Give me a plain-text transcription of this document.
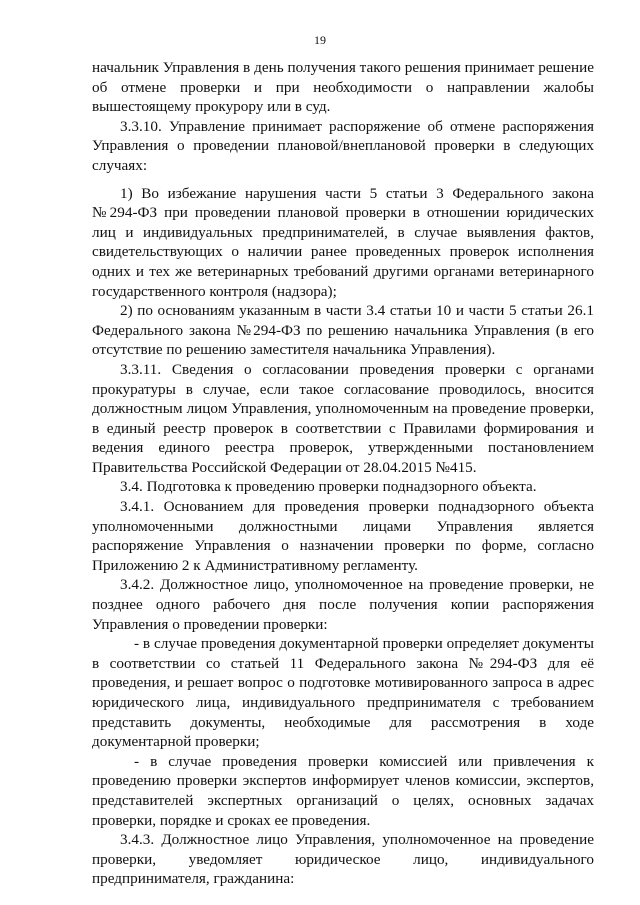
19

начальник Управления в день получения такого решения принимает решение об отмене проверки и при необходимости о направлении жалобы вышестоящему прокурору или в суд.

3.3.10. Управление принимает распоряжение об отмене распоряжения Управления о проведении плановой/внеплановой проверки в следующих случаях:

1) Во избежание нарушения части 5 статьи 3 Федерального закона №294-ФЗ при проведении плановой проверки в отношении юридических лиц и индивидуальных предпринимателей, в случае выявления фактов, свидетельствующих о наличии ранее проведенных проверок исполнения одних и тех же ветеринарных требований другими органами ветеринарного государственного контроля (надзора);

2) по основаниям указанным в части 3.4 статьи 10 и части 5 статьи 26.1 Федерального закона №294-ФЗ по решению начальника Управления (в его отсутствие по решению заместителя начальника Управления).

3.3.11. Сведения о согласовании проведения проверки с органами прокуратуры в случае, если такое согласование проводилось, вносится должностным лицом Управления, уполномоченным на проведение проверки, в единый реестр проверок в соответствии с Правилами формирования и ведения единого реестра проверок, утвержденными постановлением Правительства Российской Федерации от 28.04.2015 №415.

3.4. Подготовка к проведению проверки поднадзорного объекта.

3.4.1. Основанием для проведения проверки поднадзорного объекта уполномоченными должностными лицами Управления является распоряжение Управления о назначении проверки по форме, согласно Приложению 2 к Административному регламенту.

3.4.2. Должностное лицо, уполномоченное на проведение проверки, не позднее одного рабочего дня после получения копии распоряжения Управления о проведении проверки:

- в случае проведения документарной проверки определяет документы в соответствии со статьей 11 Федерального закона №294-ФЗ для её проведения, и решает вопрос о подготовке мотивированного запроса в адрес юридического лица, индивидуального предпринимателя с требованием представить документы, необходимые для рассмотрения в ходе документарной проверки;

- в случае проведения проверки комиссией или привлечения к проведению проверки экспертов информирует членов комиссии, экспертов, представителей экспертных организаций о целях, основных задачах проверки, порядке и сроках ее проведения.

3.4.3. Должностное лицо Управления, уполномоченное на проведение проверки, уведомляет юридическое лицо, индивидуального предпринимателя, гражданина:
